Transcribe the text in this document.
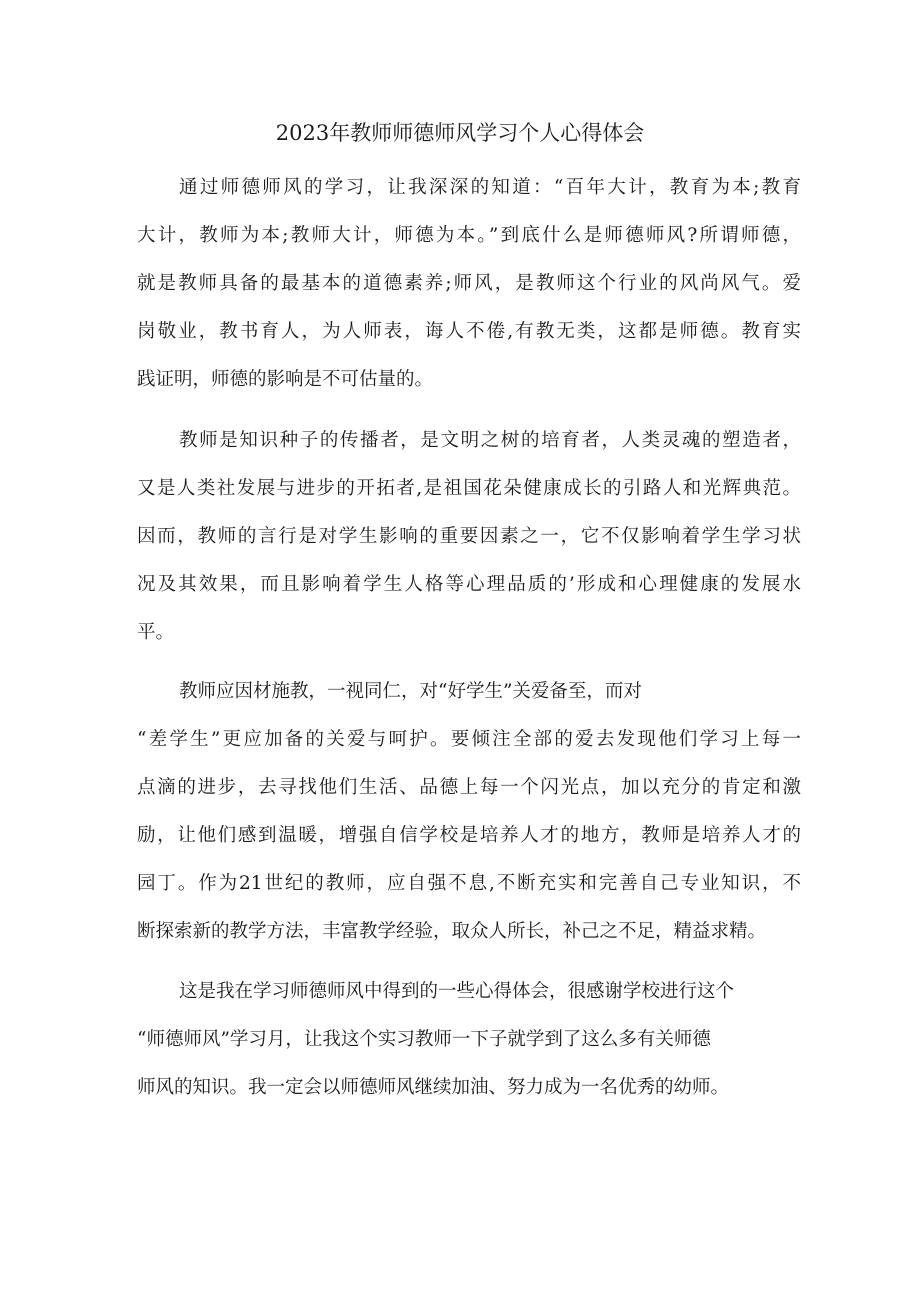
2023年教师师德师风学习个人心得体会
通过师德师风的学习，让我深深的知道：“百年大计，教育为本;教育
大计，教师为本;教师大计，师德为本。”到底什么是师德师风?所谓师德，
就是教师具备的最基本的道德素养;师风，是教师这个行业的风尚风气。爱
岗敬业，教书育人，为人师表，诲人不倦,有教无类，这都是师德。教育实
践证明，师德的影响是不可估量的。
教师是知识种子的传播者，是文明之树的培育者，人类灵魂的塑造者，
又是人类社发展与进步的开拓者,是祖国花朵健康成长的引路人和光辉典范。
因而，教师的言行是对学生影响的重要因素之一，它不仅影响着学生学习状
况及其效果，而且影响着学生人格等心理品质的’形成和心理健康的发展水
平。
教师应因材施教，一视同仁，对“好学生”关爱备至，而对
“差学生”更应加备的关爱与呵护。要倾注全部的爱去发现他们学习上每一
点滴的进步，去寻找他们生活、品德上每一个闪光点，加以充分的肯定和激
励，让他们感到温暖，增强自信学校是培养人才的地方，教师是培养人才的
园丁。作为21世纪的教师，应自强不息,不断充实和完善自己专业知识，不
断探索新的教学方法，丰富教学经验，取众人所长，补己之不足，精益求精。
这是我在学习师德师风中得到的一些心得体会，很感谢学校进行这个
“师德师风”学习月，让我这个实习教师一下子就学到了这么多有关师德
师风的知识。我一定会以师德师风继续加油、努力成为一名优秀的幼师。
